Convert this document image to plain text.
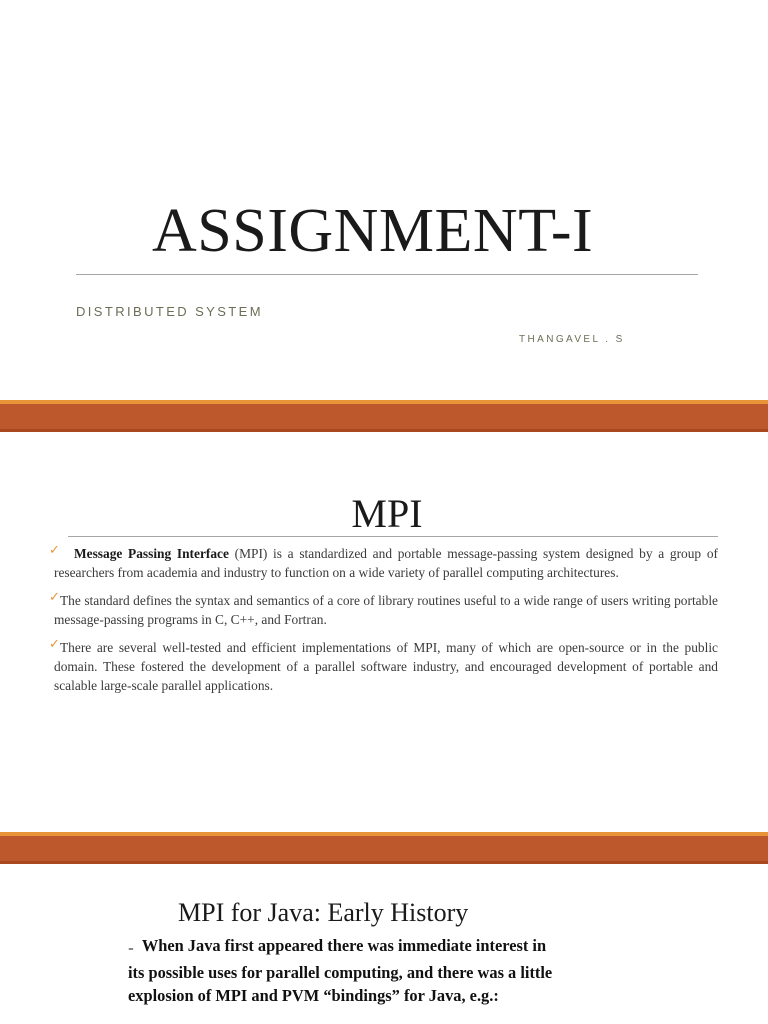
ASSIGNMENT-I
DISTRIBUTED SYSTEM
THANGAVEL . S
MPI
✓ Message Passing Interface (MPI) is a standardized and portable message-passing system designed by a group of researchers from academia and industry to function on a wide variety of parallel computing architectures.
✓ The standard defines the syntax and semantics of a core of library routines useful to a wide range of users writing portable message-passing programs in C, C++, and Fortran.
✓ There are several well-tested and efficient implementations of MPI, many of which are open-source or in the public domain. These fostered the development of a parallel software industry, and encouraged development of portable and scalable large-scale parallel applications.
MPI for Java: Early History
₌ When Java first appeared there was immediate interest in its possible uses for parallel computing, and there was a little explosion of MPI and PVM “bindings” for Java, e.g.:
